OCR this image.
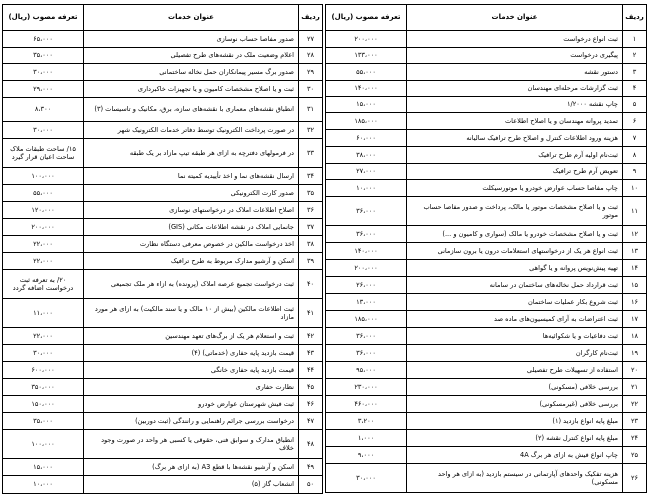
ردیف
عنوان خدمات
تعرفه مصوب (ریال)
۱
ثبت انواع درخواست
۲۰۰،۰۰۰
۲
پیگیری درخواست
۱۳۳،۰۰۰
۳
دستور نقشه
۵۵،۰۰۰
۴
ثبت گزارشات مرحله‌ای مهندسان
۱۴۰،۰۰۰
۵
چاپ نقشه ۱/۲۰۰۰
۱۵،۰۰۰
۶
تمدید پروانه مهندسان و یا اصلاح اطلاعات
۱۸۵،۰۰۰
۷
هزینه ورود اطلاعات کنترل و اصلاح طرح ترافیک سالیانه
۶۰،۰۰۰
۸
ثبت‌نام اولیه آرم طرح ترافیک
۳۸،۰۰۰
۹
تعویض آرم طرح ترافیک
۲۷،۰۰۰
۱۰
چاپ مفاصا حساب عوارض خودرو یا موتورسیکلت
۱۰،۰۰۰
۱۱
ثبت و یا اصلاح مشخصات موتور یا مالک، پرداخت و صدور مفاصا حساب موتور
۳۶،۰۰۰
۱۲
ثبت و یا اصلاح مشخصات خودرو یا مالک (سواری و کامیون و ...)
۳۶،۰۰۰
۱۳
ثبت انواع هر یک از درخواستهای استعلامات درون یا برون سازمانی
۱۴۰،۰۰۰
۱۴
تهیه پیش‌نویس پروانه و یا گواهی
۲۰۰،۰۰۰
۱۵
ثبت قرارداد حمل نخاله‌های ساختمان در سامانه
۲۶،۰۰۰
۱۶
ثبت شروع بکار عملیات ساختمان
۱۳،۰۰۰
۱۷
ثبت اعتراضات به آرای کمیسیون‌های ماده صد
۱۸۵،۰۰۰
۱۸
ثبت دفاعیات و یا شکوائیه‌ها
۳۶،۰۰۰
۱۹
ثبت‌نام کارگران
۳۶،۰۰۰
۲۰
استفاده از تسهیلات طرح تفصیلی
۹۵،۰۰۰
۲۱
بررسی خلافی (مسکونی)
۲۳۰،۰۰۰
۲۲
بررسی خلافی (غیرمسکونی)
۴۶۰،۰۰۰
۲۳
مبلغ پایه انواع بازدید (۱)
۳،۲۰۰
۲۴
مبلغ پایه انواع کنترل نقشه (۲)
۱،۰۰۰
۲۵
چاپ انواع فیش به ازای هر برگ 4A
۹،۰۰۰
۲۶
هزینه تفکیک واحدهای آپارتمانی در سیستم بازدید (به ازای هر واحد مسکونی)
۳۰،۰۰۰
ردیف
عنوان خدمات
تعرفه مصوب (ریال)
۲۷
صدور مفاصا حساب نوسازی
۶۵،۰۰۰
۲۸
اعلام وضعیت ملک در نقشه‌های طرح تفصیلی
۳۵،۰۰۰
۲۹
صدور برگ مسیر پیمانکاران حمل نخاله ساختمانی
۳۰،۰۰۰
۳۰
ثبت و یا اصلاح مشخصات کامیون و یا تجهیزات خاکبرداری
۲۹،۰۰۰
۳۱
انطباق نقشه‌های معماری با نقشه‌های سازه، برق، مکانیک و تاسیسات (۳)
۸،۳۰۰
۳۲
در صورت پرداخت الکترونیک توسط دفاتر خدمات الکترونیک شهر
۳۰،۰۰۰
۳۳
در فرمولهای دفترچه به ازای هر طبقه تیپ مازاد بر یک طبقه
۱۵/ ساحت طبقات ملاک ساحت اعیان قرار گیرد
۳۴
ارسال نقشه‌های نما و اخذ تأییدیه کمیته نما
۱۰۰،۰۰۰
۳۵
صدور کارت الکترونیکی
۵۵،۰۰۰
۳۶
اصلاح اطلاعات املاک در درخواستهای نوسازی
۱۲۰،۰۰۰
۳۷
جانمایی املاک در نقشه اطلاعات مکانی (GIS)
۲۰۰،۰۰۰
۳۸
اخذ درخواست مالکین در خصوص معرفی دستگاه نظارت
۲۲،۰۰۰
۳۹
اسکن و آرشیو مدارک مربوط به طرح ترافیک
۲۲،۰۰۰
۴۰
ثبت درخواست تجمیع عرصه املاک (پرونده) به ازاء هر ملک تجمیعی
۲۰/ به تعرفه ثبت درخواست اضافه گردد
۴۱
ثبت اطلاعات مالکین (بیش از ۱۰ مالک و یا سند مالکیت) به ازای هر مورد مازاد
۱۱،۰۰۰
۴۲
ثبت و استعلام هر یک از برگ‌های تعهد مهندسین
۲۲،۰۰۰
۴۳
قیمت بازدید پایه حفاری (خدماتی) (۴)
۳۰،۰۰۰
۴۴
قیمت بازدید پایه حفاری خانگی
۶۰۰،۰۰۰
۴۵
نظارت حفاری
۳۵۰،۰۰۰
۴۶
ثبت فیش شهرستان عوارض خودرو
۱۵۰،۰۰۰
۴۷
درخواست بررسی جرائم راهنمایی و رانندگی (ثبت دوربین)
۳۵،۰۰۰
۴۸
انطباق مدارک و سوابق فنی، حقوقی یا کسبی هر واحد در صورت وجود خلاف
۱۰۰،۰۰۰
۴۹
اسکن و آرشیو نقشه‌ها با قطع A3 (به ازای هر برگ)
۱۵،۰۰۰
۵۰
انشعاب گاز (۵)
۱۰،۰۰۰
